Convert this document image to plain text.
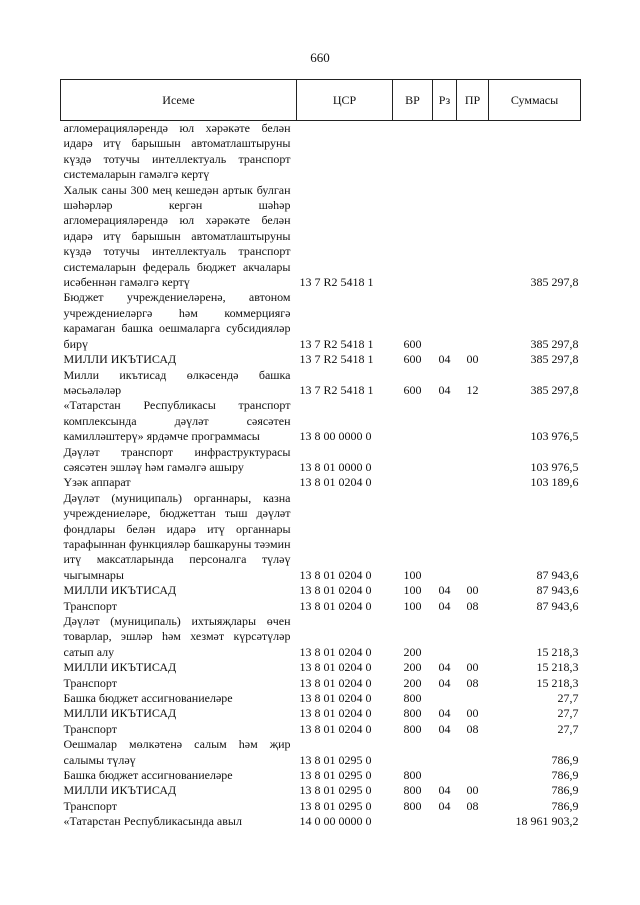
660
Исеме	ЦСР	ВР	Рз	ПР	Суммасы
агломерацияләрендә юл хәрәкәте белән идарә итү барышын автоматлаштыруны күздә тотучы интеллектуаль транспорт системаларын гамәлгә кертү					
Халык саны 300 мең кешедән артык булган шәһәрләр кергән шәһәр агломерацияләрендә юл хәрәкәте белән идарә итү барышын автоматлаштыруны күздә тотучы интеллектуаль транспорт системаларын федераль бюджет акчалары исәбеннән гамәлгә кертү	13 7 R2 5418 1				385 297,8
Бюджет учреждениеләренә, автоном учреждениеләргә һәм коммерциягә карамаган башка оешмаларга субсидияләр бирү	13 7 R2 5418 1	600			385 297,8
МИЛЛИ ИКЪТИСАД	13 7 R2 5418 1	600	04	00	385 297,8
Милли икътисад өлкәсендә башка мәсьәләләр	13 7 R2 5418 1	600	04	12	385 297,8
«Татарстан Республикасы транспорт комплексында дәүләт сәясәтен камилләштерү» ярдәмче программасы	13 8 00 0000 0				103 976,5
Дәүләт транспорт инфраструктурасы сәясәтен эшләү һәм гамәлгә ашыру	13 8 01 0000 0				103 976,5
Үзәк аппарат	13 8 01 0204 0				103 189,6
Дәүләт (муниципаль) органнары, казна учреждениеләре, бюджеттан тыш дәүләт фондлары белән идарә итү органнары тарафыннан функцияләр башкаруны тәэмин итү максатларында персоналга түләү чыгымнары	13 8 01 0204 0	100			87 943,6
МИЛЛИ ИКЪТИСАД	13 8 01 0204 0	100	04	00	87 943,6
Транспорт	13 8 01 0204 0	100	04	08	87 943,6
Дәүләт (муниципаль) ихтыяҗлары өчен товарлар, эшләр һәм хезмәт күрсәтүләр сатып алу	13 8 01 0204 0	200			15 218,3
МИЛЛИ ИКЪТИСАД	13 8 01 0204 0	200	04	00	15 218,3
Транспорт	13 8 01 0204 0	200	04	08	15 218,3
Башка бюджет ассигнованиеләре	13 8 01 0204 0	800			27,7
МИЛЛИ ИКЪТИСАД	13 8 01 0204 0	800	04	00	27,7
Транспорт	13 8 01 0204 0	800	04	08	27,7
Оешмалар мөлкәтенә салым һәм җир салымы түләү	13 8 01 0295 0				786,9
Башка бюджет ассигнованиеләре	13 8 01 0295 0	800			786,9
МИЛЛИ ИКЪТИСАД	13 8 01 0295 0	800	04	00	786,9
Транспорт	13 8 01 0295 0	800	04	08	786,9
«Татарстан Республикасында авыл	14 0 00 0000 0				18 961 903,2
